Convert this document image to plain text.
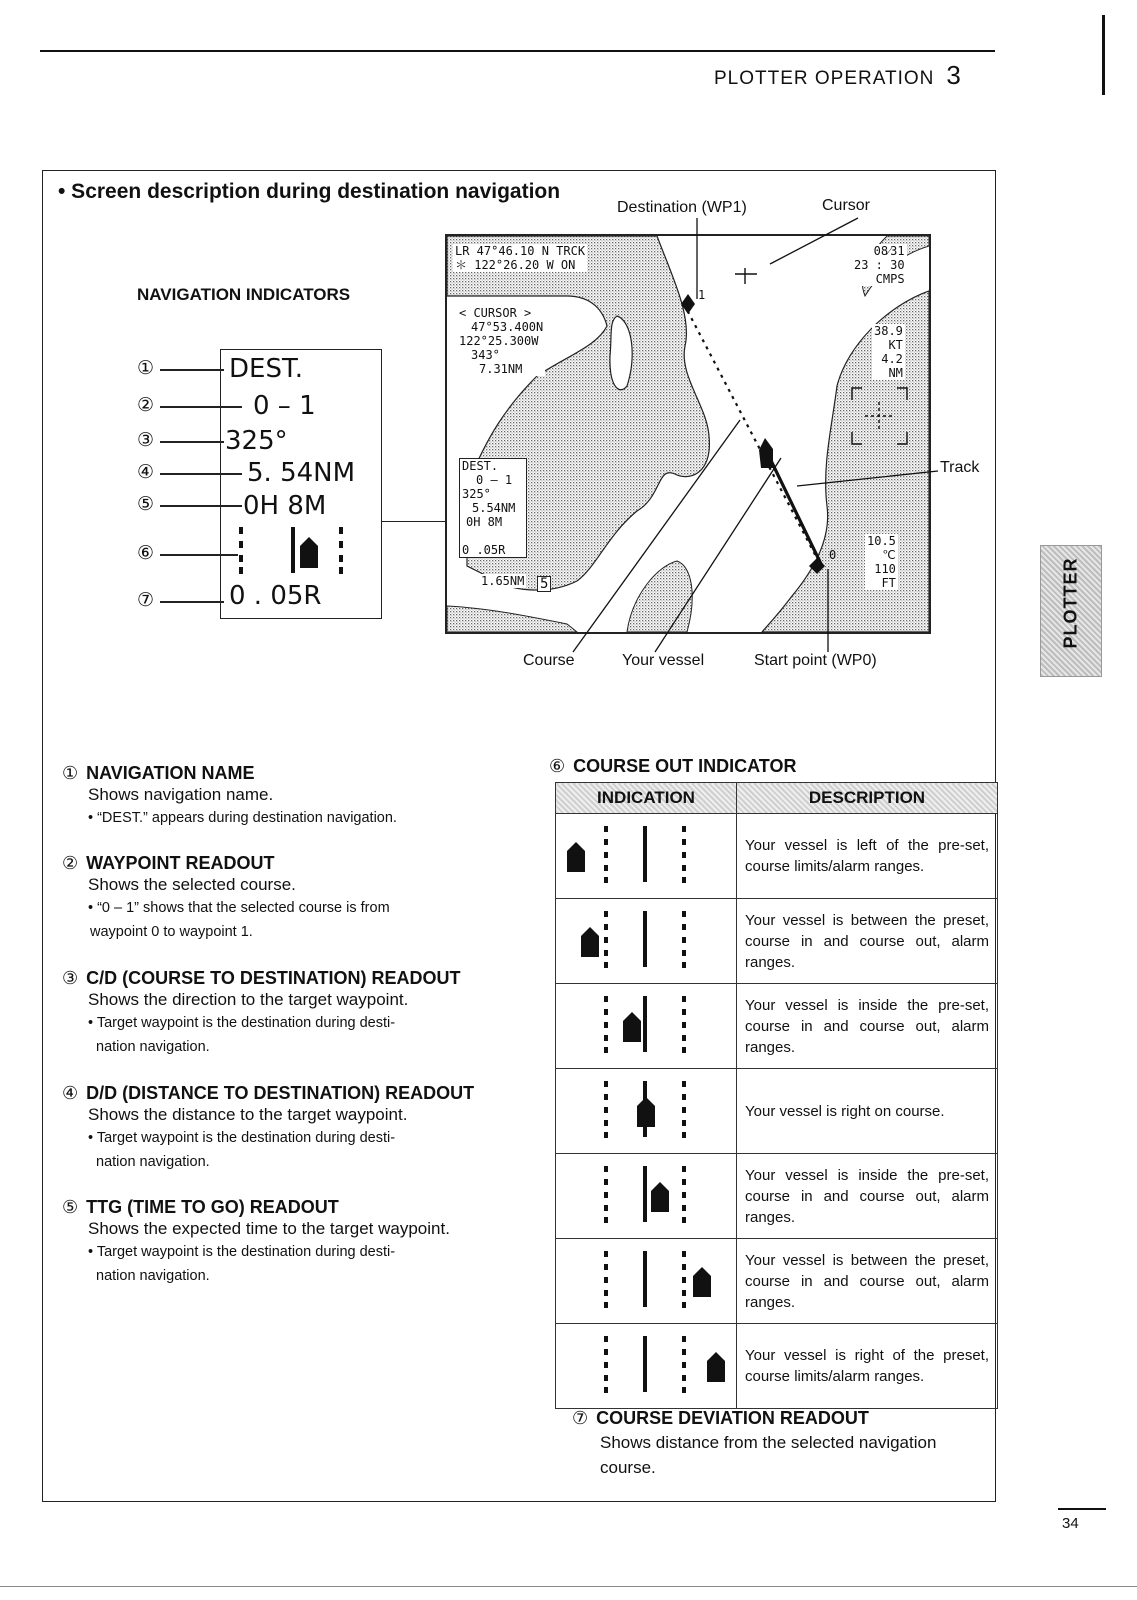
PLOTTER OPERATION 3
• Screen description during destination navigation
Destination (WP1)	Cursor
Track
Course	Your vessel	Start point (WP0)
NAVIGATION INDICATORS
①
②
③
④
⑤
⑥
⑦
DEST.
0 – 1
325°
5. 54NM
0H 8M
0 . 05R
LR 47°46.10 N TRCK
＊ 122°26.20 W ON
< CURSOR >
47°53.400N
122°25.300W
343°
7.31NM
08⁄31
23 : 30
CMPS
38.9
KT
4.2
NM
10.5
℃
110
FT
DEST.
0 – 1
325°
5.54NM
0H 8M

0 .05R
1.65NM 5
1
0
① NAVIGATION NAME
Shows navigation name.
• “DEST.” appears during destination navigation.
② WAYPOINT READOUT
Shows the selected course.
• “0 – 1” shows that the selected course is from
waypoint 0 to waypoint 1.
③ C/D (COURSE TO DESTINATION) READOUT
Shows the direction to the target waypoint.
• Target waypoint is the destination during desti-
nation navigation.
④ D/D (DISTANCE TO DESTINATION) READOUT
Shows the distance to the target waypoint.
• Target waypoint is the destination during desti-
nation navigation.
⑤ TTG (TIME TO GO) READOUT
Shows the expected time to the target waypoint.
• Target waypoint is the destination during desti-
nation navigation.
⑥ COURSE OUT INDICATOR
INDICATION	DESCRIPTION
	Your vessel is left of the pre-set, course limits/alarm ranges.
	Your vessel is between the preset, course in and course out, alarm ranges.
	Your vessel is inside the pre-set, course in and course out, alarm ranges.
	Your vessel is right on course.
	Your vessel is inside the pre-set, course in and course out, alarm ranges.
	Your vessel is between the preset, course in and course out, alarm ranges.
	Your vessel is right of the preset, course limits/alarm ranges.
⑦ COURSE DEVIATION READOUT
Shows distance from the selected navigation
course.
PLOTTER
34
